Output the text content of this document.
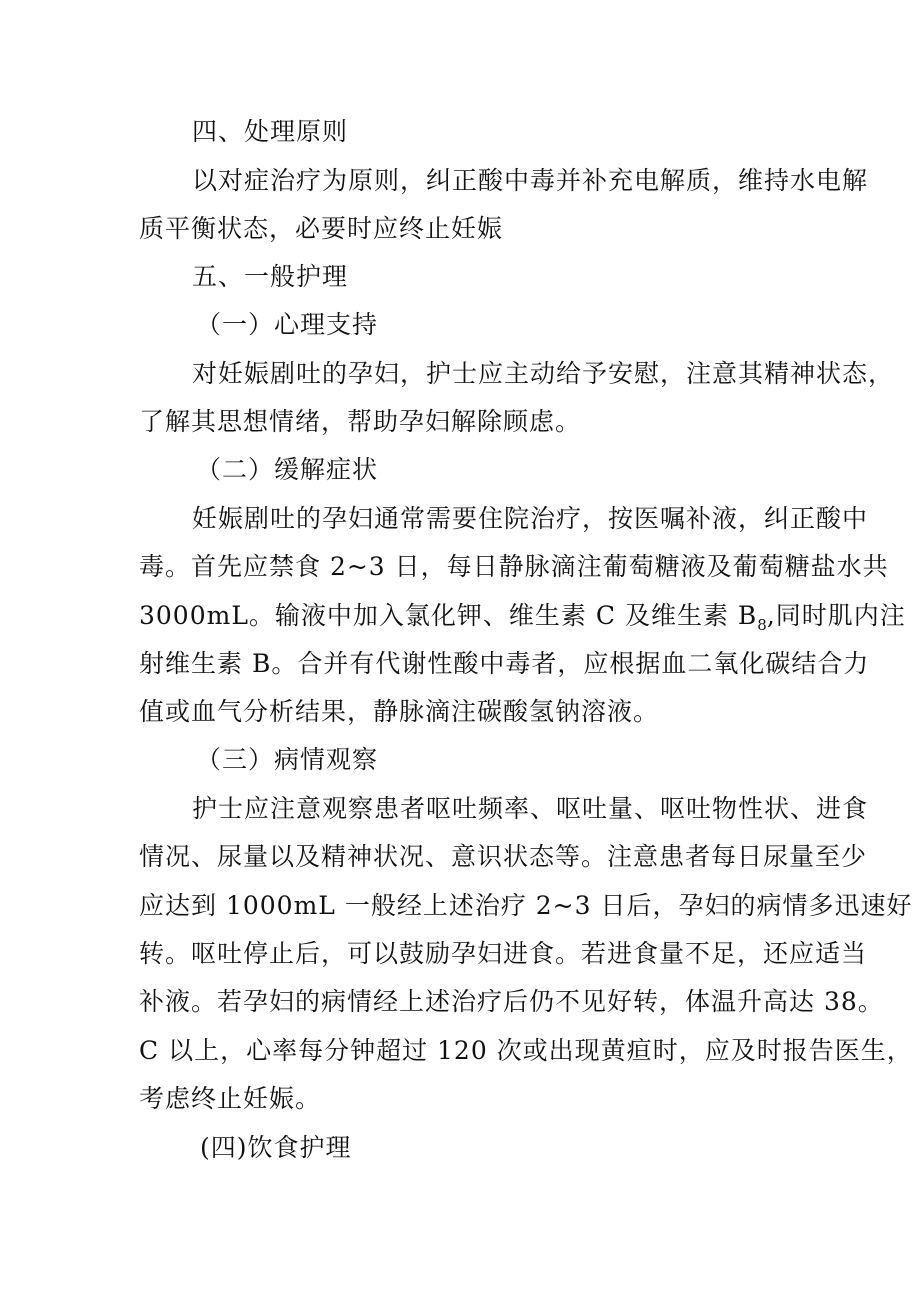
四、处理原则
以对症治疗为原则，纠正酸中毒并补充电解质，维持水电解
质平衡状态，必要时应终止妊娠
五、一般护理
（一）心理支持
对妊娠剧吐的孕妇，护士应主动给予安慰，注意其精神状态，
了解其思想情绪，帮助孕妇解除顾虑。
（二）缓解症状
妊娠剧吐的孕妇通常需要住院治疗，按医嘱补液，纠正酸中
毒。首先应禁食 2~3 日，每日静脉滴注葡萄糖液及葡萄糖盐水共
3000mL。输液中加入氯化钾、维生素 C 及维生素 $B_8$,同时肌内注
射维生素 B。合并有代谢性酸中毒者，应根据血二氧化碳结合力
值或血气分析结果，静脉滴注碳酸氢钠溶液。
（三）病情观察
护士应注意观察患者呕吐频率、呕吐量、呕吐物性状、进食
情况、尿量以及精神状况、意识状态等。注意患者每日尿量至少
应达到 1000mL 一般经上述治疗 2~3 日后，孕妇的病情多迅速好
转。呕吐停止后，可以鼓励孕妇进食。若进食量不足，还应适当
补液。若孕妇的病情经上述治疗后仍不见好转，体温升高达 38。
C 以上，心率每分钟超过 120 次或出现黄疸时，应及时报告医生，
考虑终止妊娠。
(四)饮食护理
